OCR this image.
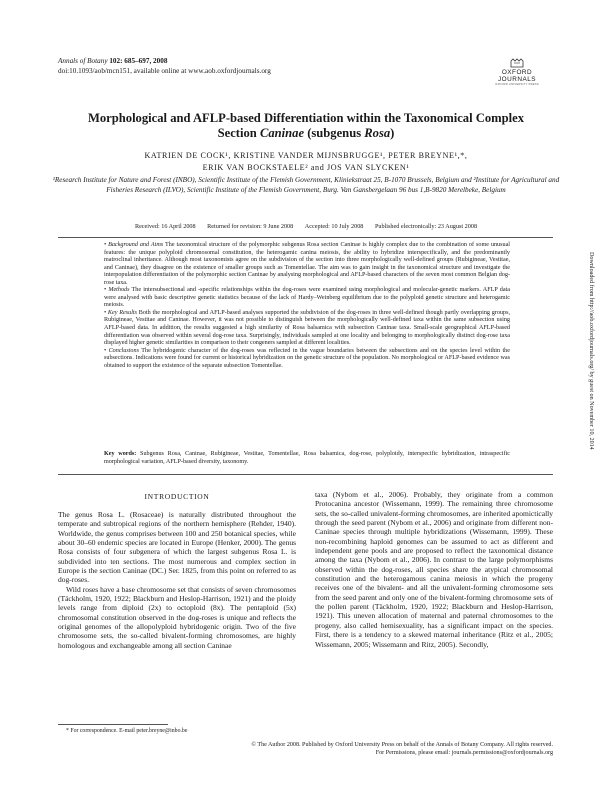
Annals of Botany 102: 685–697, 2008
doi:10.1093/aob/mcn151, available online at www.aob.oxfordjournals.org	OXFORD JOURNALS
OXFORD UNIVERSITY PRESS
Morphological and AFLP-based Differentiation within the Taxonomical Complex
Section Caninae (subgenus Rosa)
KATRIEN DE COCK¹, KRISTINE VANDER MIJNSBRUGGE¹, PETER BREYNE¹,*,
ERIK VAN BOCKSTAELE² and JOS VAN SLYCKEN¹
¹Research Institute for Nature and Forest (INBO), Scientific Institute of the Flemish Government, Kliniekstraat 25, B-1070 Brussels, Belgium and ²Institute for Agricultural and Fisheries Research (ILVO), Scientific Institute of the Flemish Government, Burg. Van Gansbergelaan 96 bus 1,B-9820 Merelbeke, Belgium
Received: 16 April 2008 Returned for revision: 9 June 2008 Accepted: 10 July 2008 Published electronically: 23 August 2008

• Background and Aims The taxonomical structure of the polymorphic subgenus Rosa section Caninae is highly complex due to the combination of some unusual features: the unique polyploid chromosomal constitution, the heterogamic canina meiosis, the ability to hybridize interspecifically, and the predominantly matroclinal inheritance. Although most taxonomists agree on the subdivision of the section into three morphologically well-defined groups (Rubigineae, Vestitae, and Caninae), they disagree on the existence of smaller groups such as Tomentellae. The aim was to gain insight in the taxonomical structure and investigate the interpopulation differentiation of the polymorphic section Caninae by analysing morphological and AFLP-based characters of the seven most common Belgian dog-rose taxa.

• Methods The intersubsectional and -specific relationships within the dog-roses were examined using morphological and molecular-genetic markers. AFLP data were analysed with basic descriptive genetic statistics because of the lack of Hardy–Weinberg equilibrium due to the polyploid genetic structure and heterogamic meiosis.

• Key Results Both the morphological and AFLP-based analyses supported the subdivision of the dog-roses in three well-defined though partly overlapping groups, Rubigineae, Vestitae and Caninae. However, it was not possible to distinguish between the morphologically well-defined taxa within the same subsection using AFLP-based data. In addition, the results suggested a high similarity of Rosa balsamica with subsection Caninae taxa. Small-scale geographical AFLP-based differentiation was observed within several dog-rose taxa. Surprisingly, individuals sampled at one locality and belonging to morphologically distinct dog-rose taxa displayed higher genetic similarities in comparison to their congeners sampled at different localities.

• Conclusions The hybridogenic character of the dog-roses was reflected in the vague boundaries between the subsections and on the species level within the subsections. Indications were found for current or historical hybridization on the genetic structure of the population. No morphological or AFLP-based evidence was obtained to support the existence of the separate subsection Tomentellae.

Key words: Subgenus Rosa, Caninae, Rubigineae, Vestitae, Tomentellae, Rosa balsamica, dog-rose, polyploidy, interspecific hybridization, intraspecific morphological variation, AFLP-based diversity, taxonomy.
INTRODUCTION

The genus Rosa L. (Rosaceae) is naturally distributed throughout the temperate and subtropical regions of the northern hemisphere (Rehder, 1940). Worldwide, the genus comprises between 100 and 250 botanical species, while about 30–60 endemic species are located in Europe (Henker, 2000). The genus Rosa consists of four subgenera of which the largest subgenus Rosa L. is subdivided into ten sections. The most numerous and complex section in Europe is the section Caninae (DC.) Ser. 1825, from this point on referred to as dog-roses.

Wild roses have a base chromosome set that consists of seven chromosomes (Täckholm, 1920, 1922; Blackburn and Heslop-Harrison, 1921) and the ploidy levels range from diploid (2x) to octoploid (8x). The pentaploid (5x) chromosomal constitution observed in the dog-roses is unique and reflects the original genomes of the allopolyploid hybridogenic origin. Two of the five chromosome sets, the so-called bivalent-forming chromosomes, are highly homologous and exchangeable among all section Caninae

taxa (Nybom et al., 2006). Probably, they originate from a common Protocanina ancestor (Wissemann, 1999). The remaining three chromosome sets, the so-called univalent-forming chromosomes, are inherited apomictically through the seed parent (Nybom et al., 2006) and originate from different non-Caninae species through multiple hybridizations (Wissemann, 1999). These non-recombining haploid genomes can be assumed to act as different and independent gene pools and are proposed to reflect the taxonomical distance among the taxa (Nybom et al., 2006). In contrast to the large polymorphisms observed within the dog-roses, all species share the atypical chromosomal constitution and the heterogamous canina meiosis in which the progeny receives one of the bivalent- and all the univalent-forming chromosome sets from the seed parent and only one of the bivalent-forming chromosome sets of the pollen parent (Täckholm, 1920, 1922; Blackburn and Heslop-Harrison, 1921). This uneven allocation of maternal and paternal chromosomes to the progeny, also called hemisexuality, has a significant impact on the species. First, there is a tendency to a skewed maternal inheritance (Ritz et al., 2005; Wissemann, 2005; Wissemann and Ritz, 2005). Secondly,

* For correspondence. E-mail peter.breyne@inbo.be
© The Author 2008. Published by Oxford University Press on behalf of the Annals of Botany Company. All rights reserved.
For Permissions, please email: journals.permissions@oxfordjournals.org
Downloaded from http://aob.oxfordjournals.org/ by guest on November 10, 2014
